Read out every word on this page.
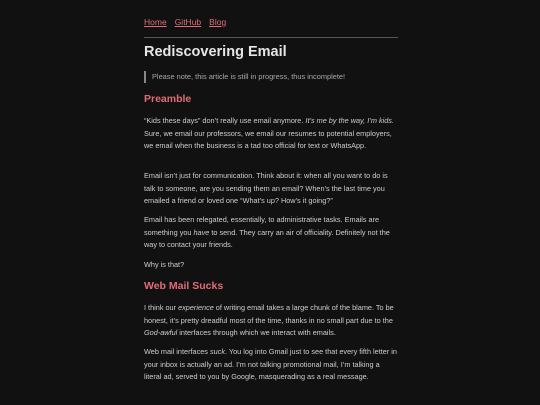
Home GitHub Blog
Rediscovering Email
Please note, this article is still in progress, thus incomplete!
Preamble

“Kids these days” don’t really use email anymore. It’s me by the way, I’m kids. Sure, we email our professors, we email our resumes to potential employers, we email when the business is a tad too official for text or WhatsApp.

Email isn’t just for communication. Think about it: when all you want to do is talk to someone, are you sending them an email? When’s the last time you emailed a friend or loved one “What’s up? How’s it going?”

Email has been relegated, essentially, to administrative tasks. Emails are something you have to send. They carry an air of officiality. Definitely not the way to contact your friends.

Why is that?

Web Mail Sucks

I think our experience of writing email takes a large chunk of the blame. To be honest, it’s pretty dreadful most of the time, thanks in no small part due to the God-awful interfaces through which we interact with emails.

Web mail interfaces suck. You log into Gmail just to see that every fifth letter in your inbox is actually an ad. I’m not talking promotional mail, I’m talking a literal ad, served to you by Google, masquerading as a real message.
